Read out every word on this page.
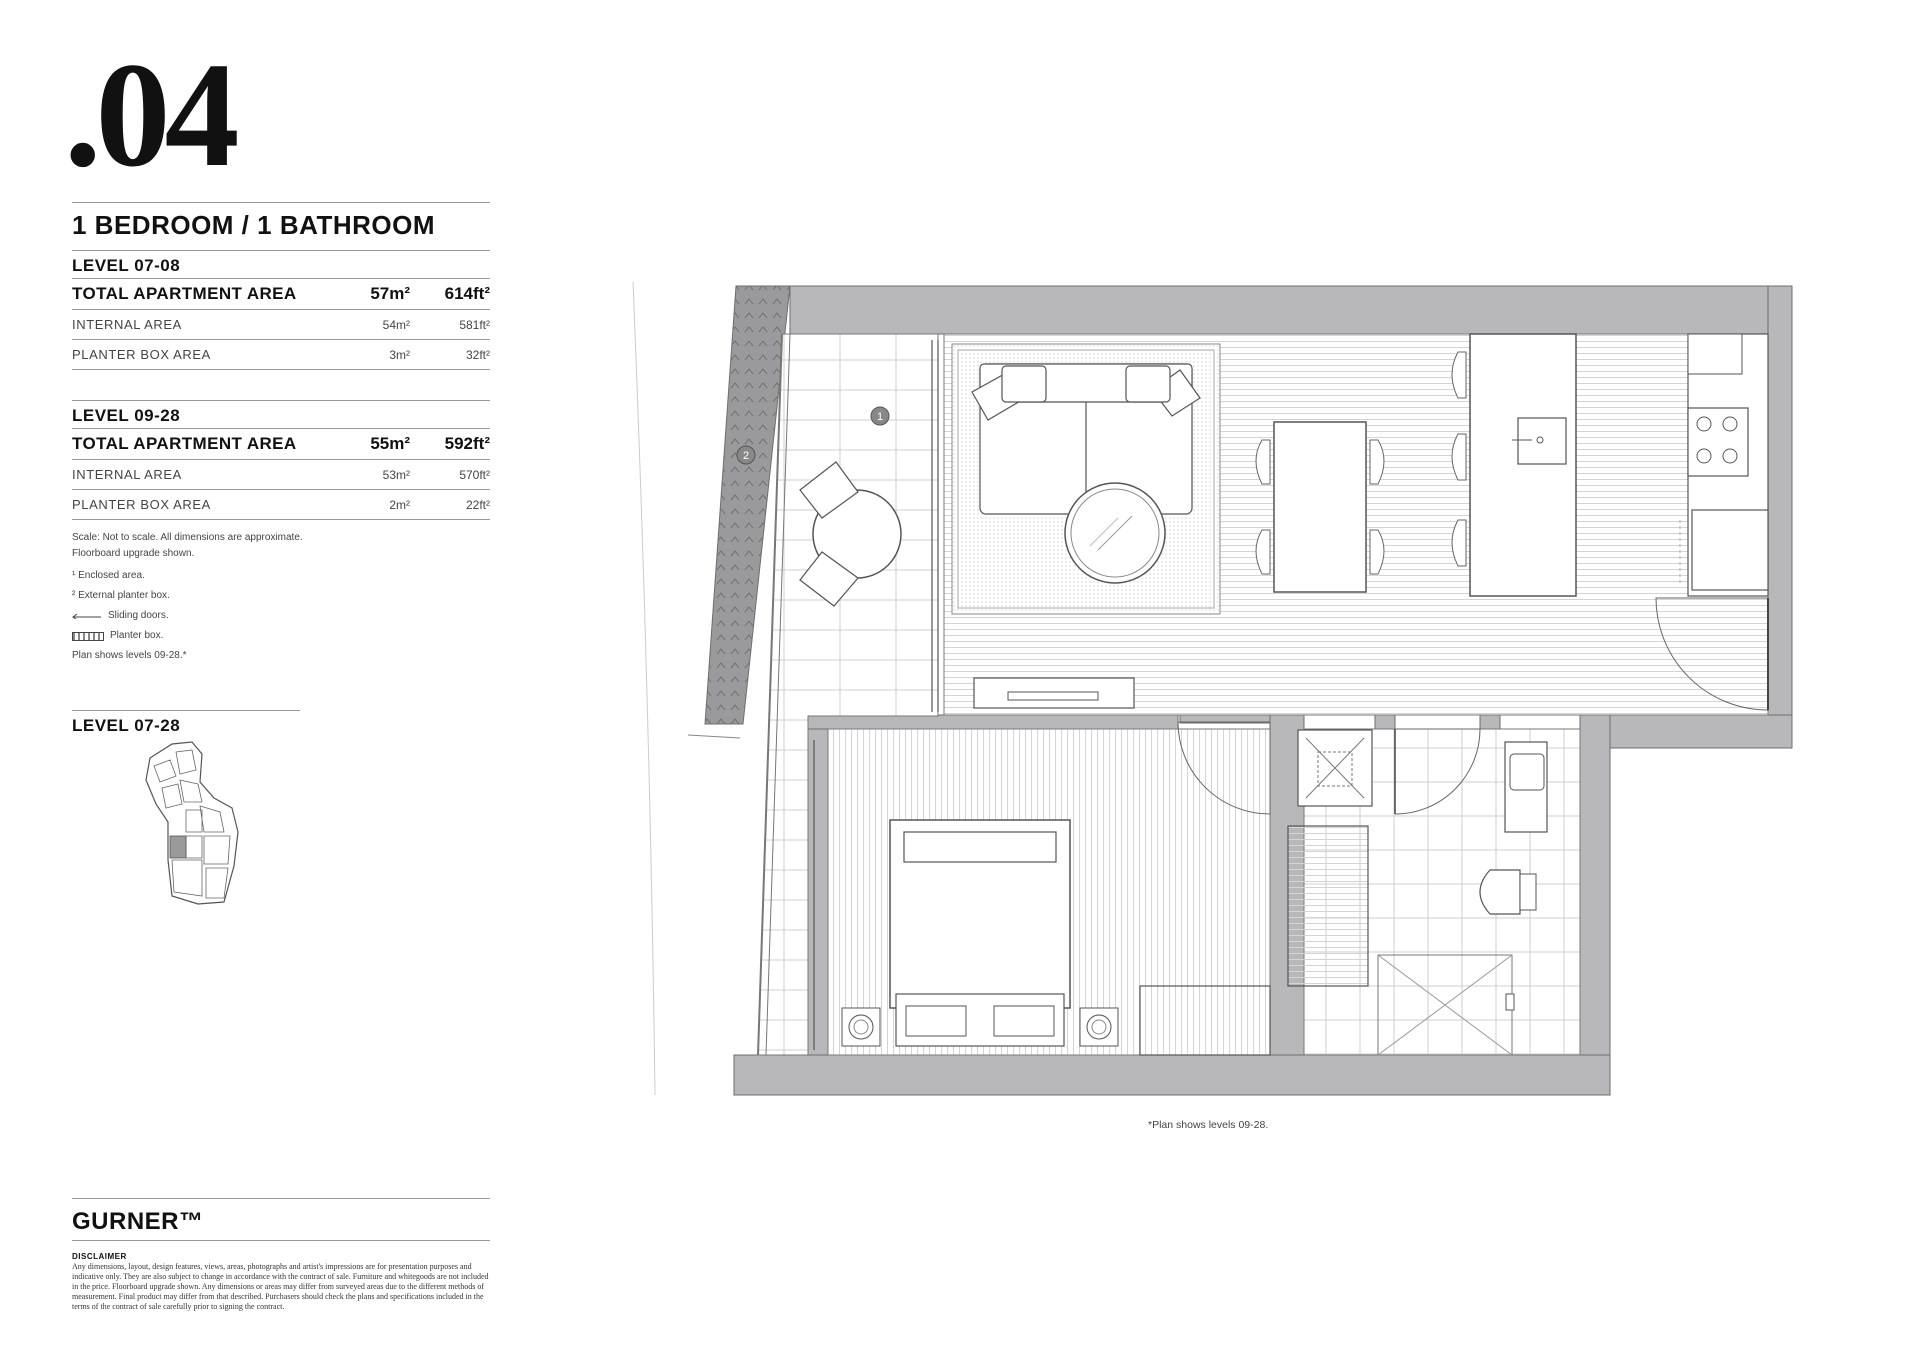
.04
1 BEDROOM / 1 BATHROOM
LEVEL 07-08
TOTAL APARTMENT AREA	57m²	614ft²
INTERNAL AREA	54m²	581ft²
PLANTER BOX AREA	3m²	32ft²
LEVEL 09-28
TOTAL APARTMENT AREA	55m²	592ft²
INTERNAL AREA	53m²	570ft²
PLANTER BOX AREA	2m²	22ft²
Scale: Not to scale. All dimensions are approximate.
Floorboard upgrade shown.
¹ Enclosed area.
² External planter box.
Sliding doors.
Planter box.
Plan shows levels 09-28.*
LEVEL 07-28
GURNER™
DISCLAIMER
Any dimensions, layout, design features, views, areas, photographs and artist's impressions are for presentation purposes and indicative only. They are also subject to change in accordance with the contract of sale. Furniture and whitegoods are not included in the price. Floorboard upgrade shown. Any dimensions or areas may differ from surveyed areas due to the different methods of measurement. Final product may differ from that described. Purchasers should check the plans and specifications included in the terms of the contract of sale carefully prior to signing the contract.
1
2
*Plan shows levels 09-28.
